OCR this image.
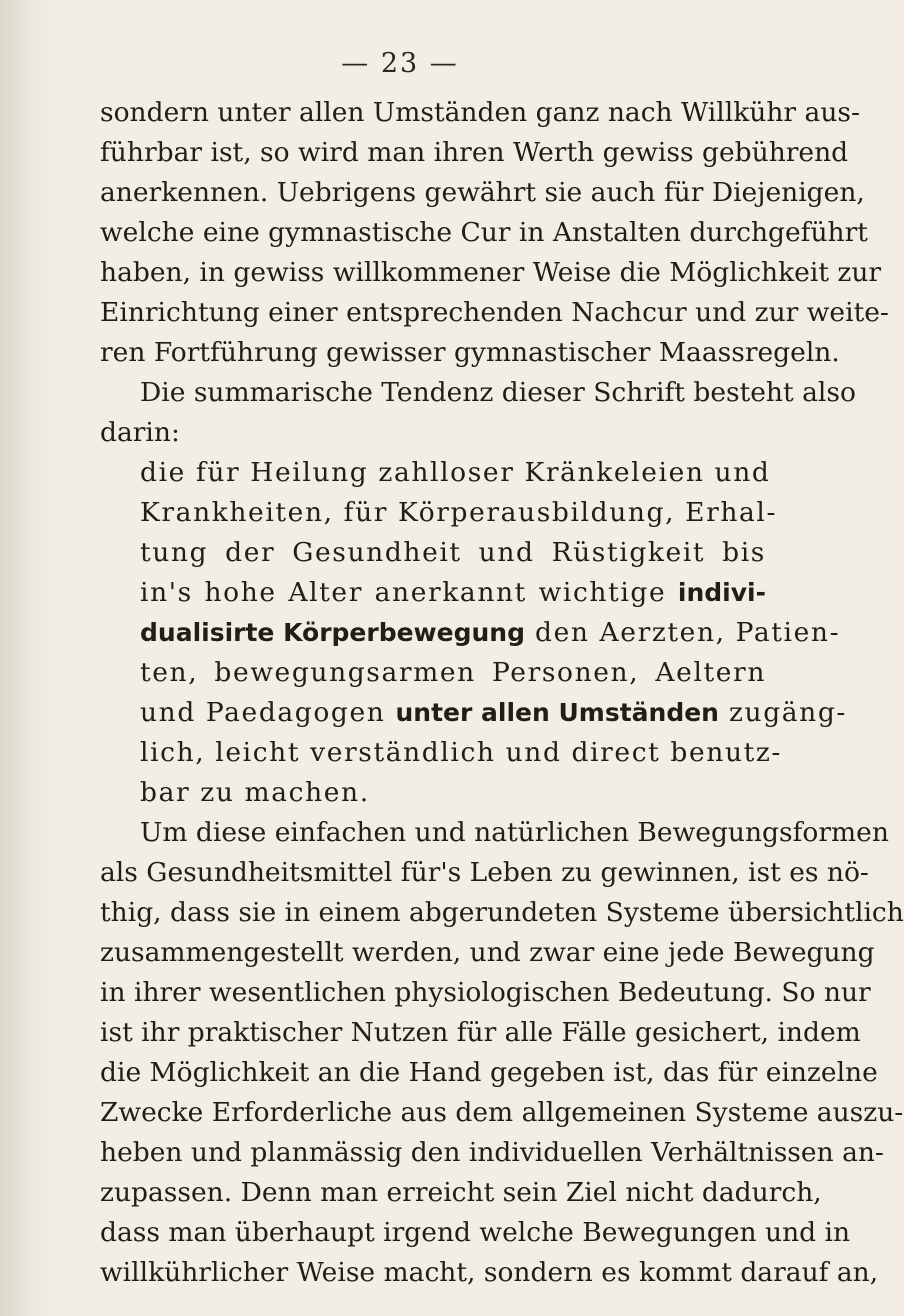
— 23 —
sondern unter allen Umständen ganz nach Willkühr aus-
führbar ist, so wird man ihren Werth gewiss gebührend
anerkennen. Uebrigens gewährt sie auch für Diejenigen,
welche eine gymnastische Cur in Anstalten durchgeführt
haben, in gewiss willkommener Weise die Möglichkeit zur
Einrichtung einer entsprechenden Nachcur und zur weite-
ren Fortführung gewisser gymnastischer Maassregeln.
Die summarische Tendenz dieser Schrift besteht also
darin:
die für Heilung zahlloser Kränkeleien und
Krankheiten, für Körperausbildung, Erhal-
tung der Gesundheit und Rüstigkeit bis
in's hohe Alter anerkannt wichtige indivi-
dualisirte Körperbewegung den Aerzten, Patien-
ten, bewegungsarmen Personen, Aeltern
und Paedagogen unter allen Umständen zugäng-
lich, leicht verständlich und direct benutz-
bar zu machen.
Um diese einfachen und natürlichen Bewegungsformen
als Gesundheitsmittel für's Leben zu gewinnen, ist es nö-
thig, dass sie in einem abgerundeten Systeme übersichtlich
zusammengestellt werden, und zwar eine jede Bewegung
in ihrer wesentlichen physiologischen Bedeutung. So nur
ist ihr praktischer Nutzen für alle Fälle gesichert, indem
die Möglichkeit an die Hand gegeben ist, das für einzelne
Zwecke Erforderliche aus dem allgemeinen Systeme auszu-
heben und planmässig den individuellen Verhältnissen an-
zupassen. Denn man erreicht sein Ziel nicht dadurch,
dass man überhaupt irgend welche Bewegungen und in
willkührlicher Weise macht, sondern es kommt darauf an,
